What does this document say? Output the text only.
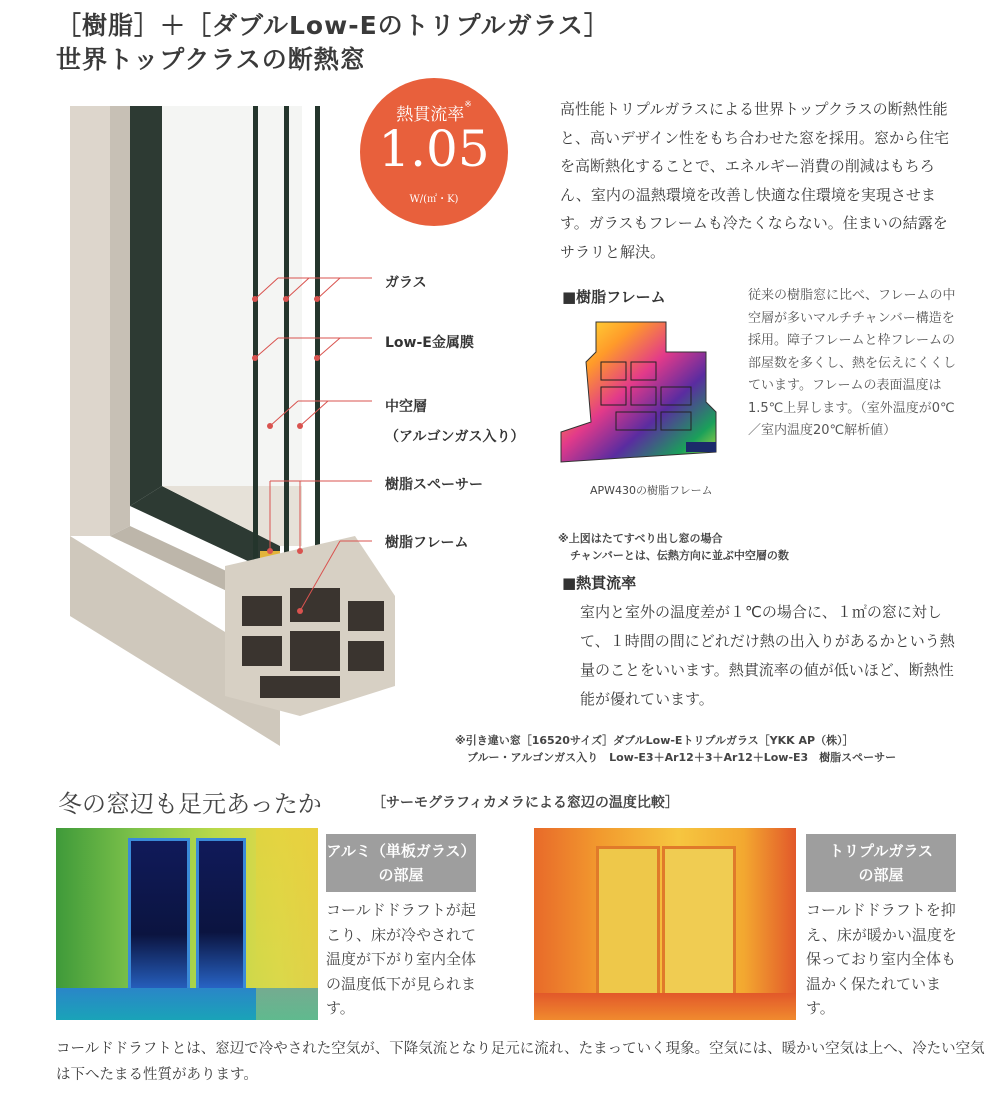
［樹脂］＋［ダブルLow-Eのトリプルガラス］
世界トップクラスの断熱窓
ガラス
Low-E金属膜
中空層
（アルゴンガス入り）
樹脂スペーサー
樹脂フレーム
熱貫流率※
1.05
W/(㎡・K)
高性能トリプルガラスによる世界トップクラスの断熱性能と、高いデザイン性をもち合わせた窓を採用。窓から住宅を高断熱化することで、エネルギー消費の削減はもちろん、室内の温熱環境を改善し快適な住環境を実現させます。ガラスもフレームも冷たくならない。住まいの結露をサラリと解決。
■樹脂フレーム	従来の樹脂窓に比べ、フレームの中空層が多いマルチチャンバー構造を採用。障子フレームと枠フレームの部屋数を多くし、熱を伝えにくくしています。フレームの表面温度は1.5℃上昇します。（室外温度が0℃／室内温度20℃解析値）
APW430の樹脂フレーム
※上図はたてすべり出し窓の場合
チャンバーとは、伝熱方向に並ぶ中空層の数
■熱貫流率
室内と室外の温度差が１℃の場合に、１㎡の窓に対して、１時間の間にどれだけ熱の出入りがあるかという熱量のことをいいます。熱貫流率の値が低いほど、断熱性能が優れています。
※引き違い窓［16520サイズ］ダブルLow-Eトリプルガラス［YKK AP（株）］
ブルー・アルゴンガス入り　Low-E3＋Ar12＋3＋Ar12＋Low-E3　樹脂スペーサー
冬の窓辺も足元あったか	［サーモグラフィカメラによる窓辺の温度比較］
アルミ（単板ガラス）
の部屋
コールドドラフトが起こり、床が冷やされて温度が下がり室内全体の温度低下が見られます。
トリプルガラス
の部屋
コールドドラフトを抑え、床が暖かい温度を保っており室内全体も温かく保たれています。
コールドドラフトとは、窓辺で冷やされた空気が、下降気流となり足元に流れ、たまっていく現象。空気には、暖かい空気は上へ、冷たい空気は下へたまる性質があります。
